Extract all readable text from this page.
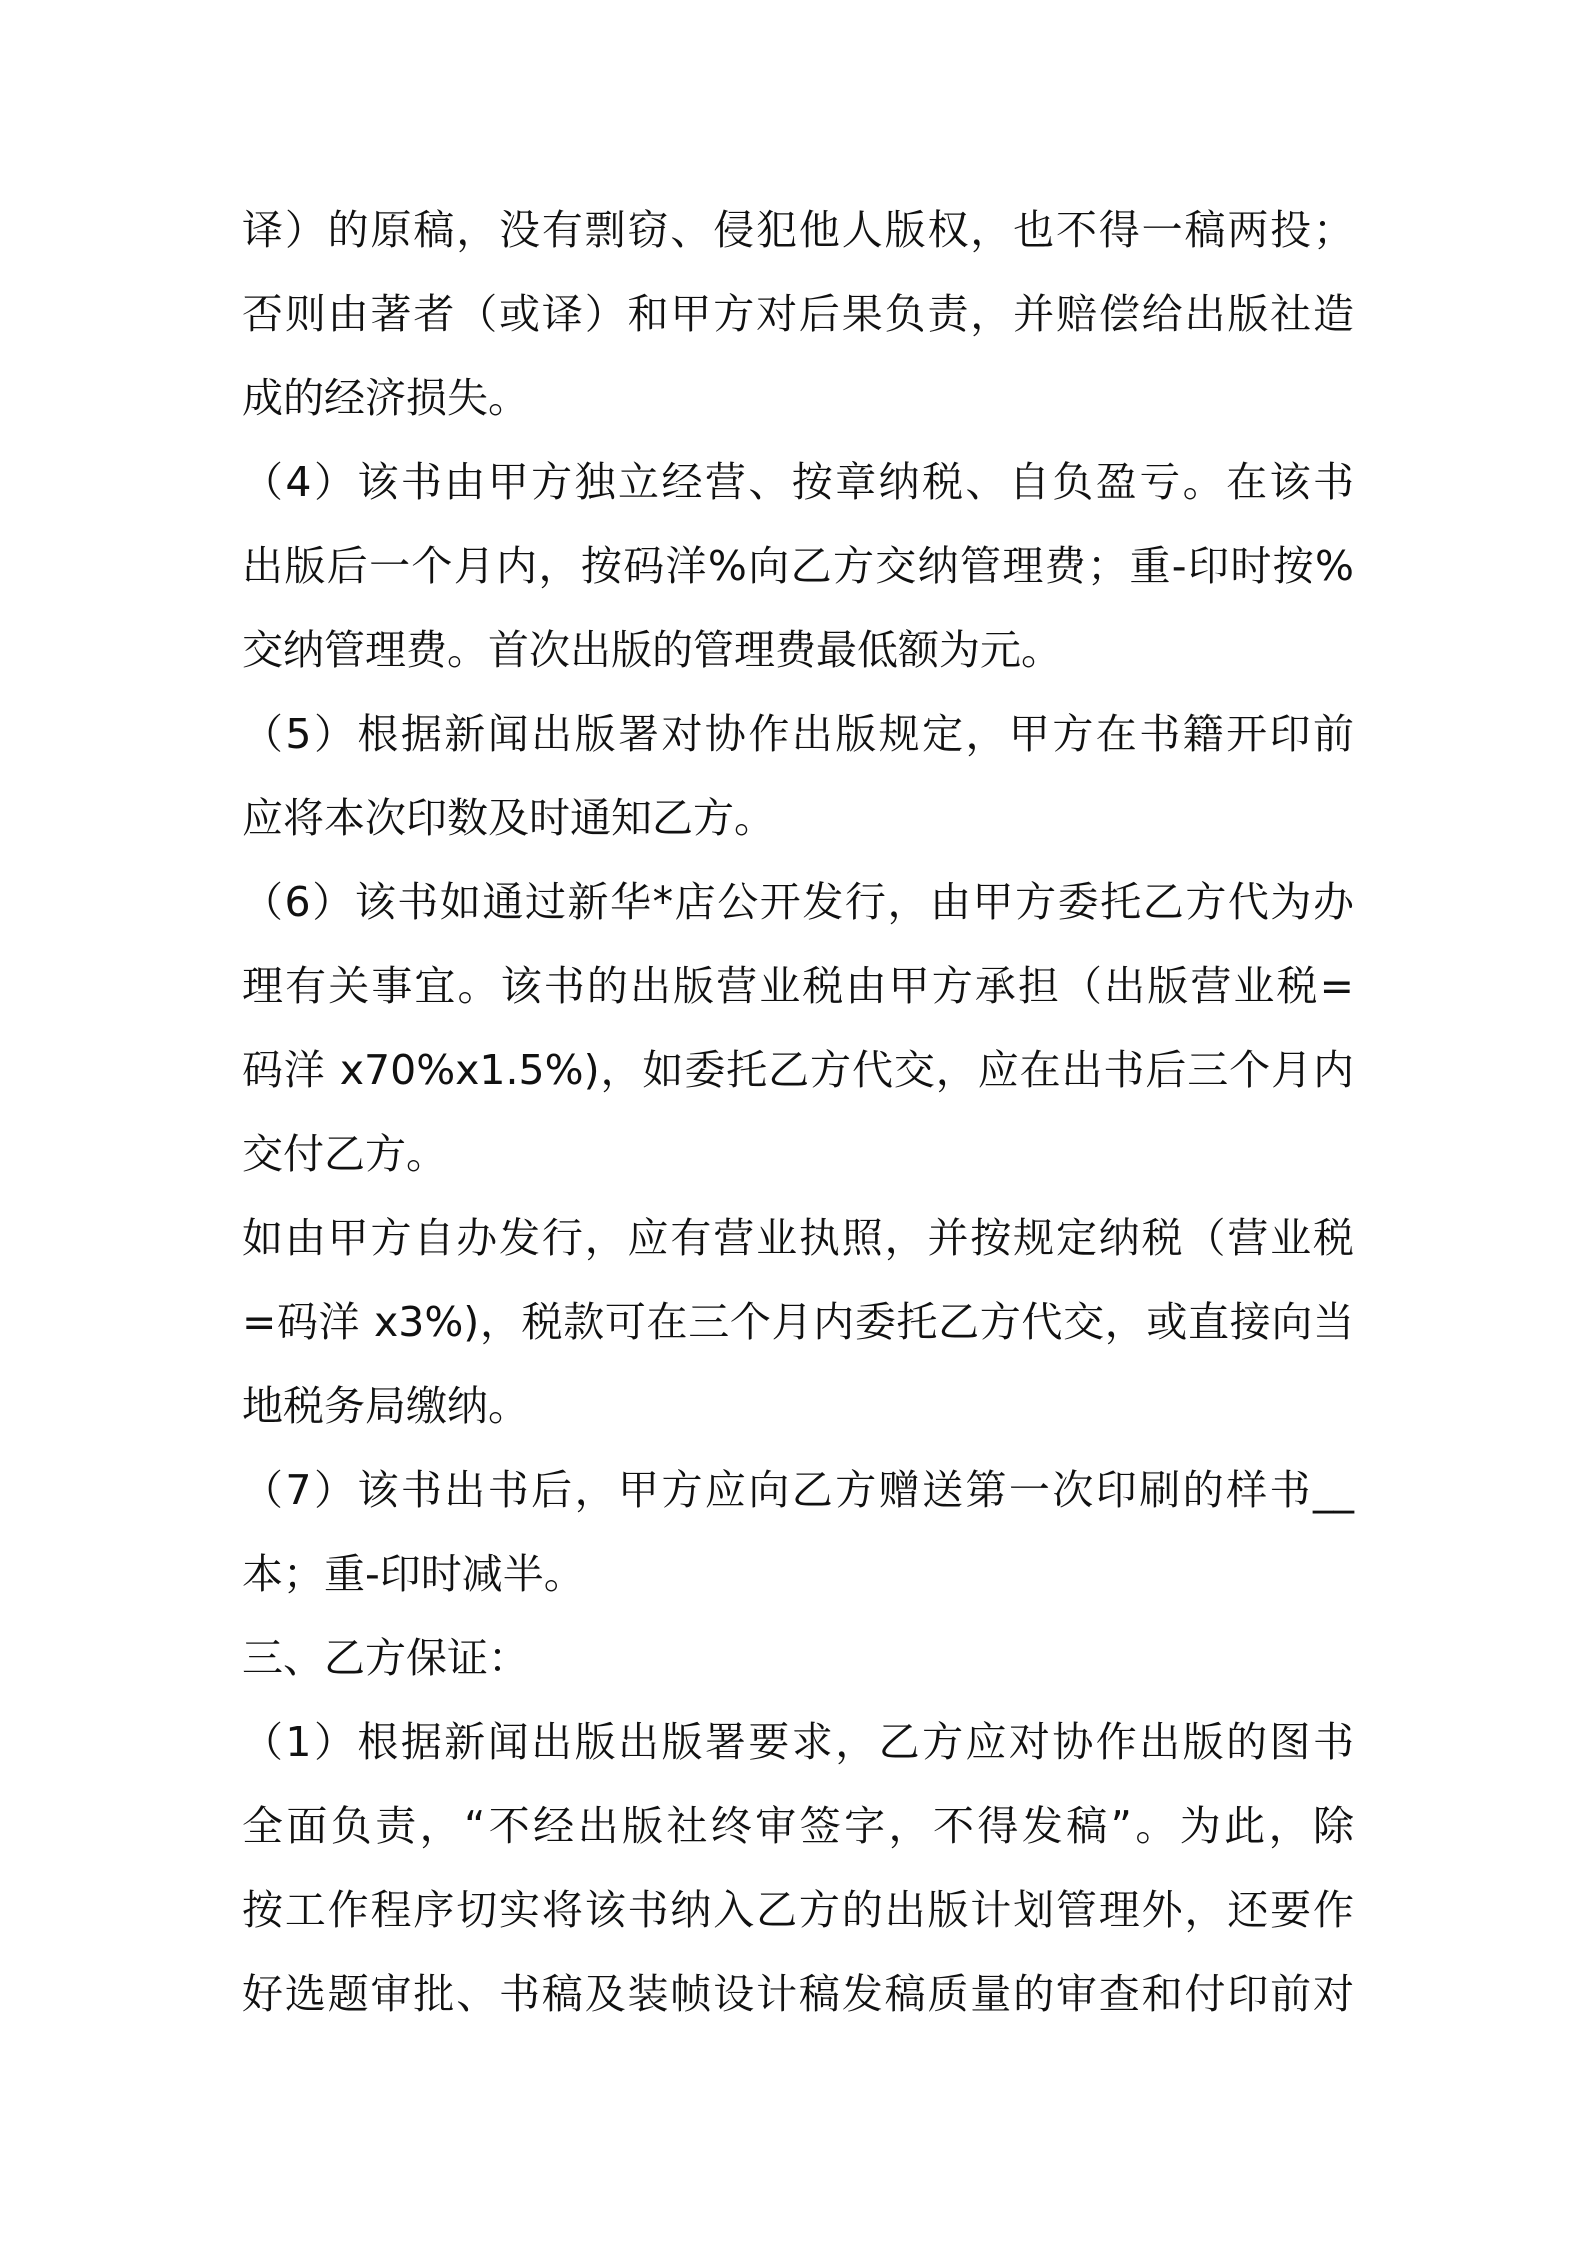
译）的原稿，没有剽窃、侵犯他人版权，也不得一稿两投；
否则由著者（或译）和甲方对后果负责，并赔偿给出版社造
成的经济损失。
（4）该书由甲方独立经营、按章纳税、自负盈亏。在该书
出版后一个月内，按码洋%向乙方交纳管理费；重-印时按%
交纳管理费。首次出版的管理费最低额为元。
（5）根据新闻出版署对协作出版规定，甲方在书籍开印前
应将本次印数及时通知乙方。
（6）该书如通过新华*店公开发行，由甲方委托乙方代为办
理有关事宜。该书的出版营业税由甲方承担（出版营业税=
码洋 x70%x1.5%)，如委托乙方代交，应在出书后三个月内
交付乙方。
如由甲方自办发行，应有营业执照，并按规定纳税（营业税
=码洋 x3%)，税款可在三个月内委托乙方代交，或直接向当
地税务局缴纳。
（7）该书出书后，甲方应向乙方赠送第一次印刷的样书__
本；重-印时减半。
三、乙方保证：
（1）根据新闻出版出版署要求，乙方应对协作出版的图书
全面负责，“不经出版社终审签字，不得发稿”。为此，除
按工作程序切实将该书纳入乙方的出版计划管理外，还要作
好选题审批、书稿及装帧设计稿发稿质量的审查和付印前对
